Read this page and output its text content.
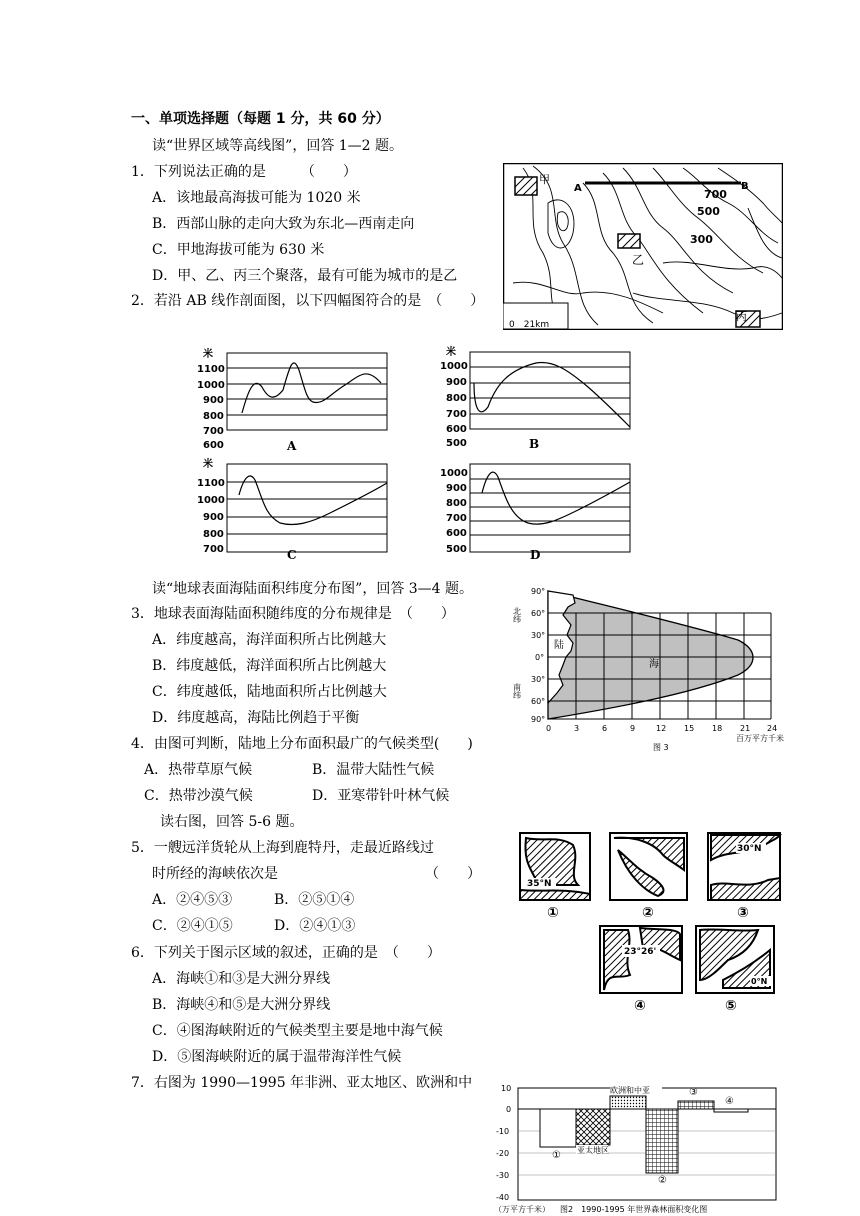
一、单项选择题（每题 1 分，共 60 分）
读“世界区域等高线图”，回答 1—2 题。
1．下列说法正确的是　　　（　　）
A．该地最高海拔可能为 1020 米
B．西部山脉的走向大致为东北—西南走向
C．甲地海拔可能为 630 米
D．甲、乙、丙三个聚落，最有可能为城市的是乙
2．若沿 AB 线作剖面图，以下四幅图符合的是　（　　）
甲
A	B
700
500
300
乙
丙
0　21km
米
1100
1000
900
800
700
600	A
米
1000
900
800
700
600
500	B
米
1100
1000
900
800
700	C
1000
900
800
700
600
500	D
读“地球表面海陆面积纬度分布图”，回答 3—4 题。
3．地球表面海陆面积随纬度的分布规律是　（　　）
A．纬度越高，海洋面积所占比例越大
B．纬度越低，海洋面积所占比例越大
C．纬度越低，陆地面积所占比例越大
D．纬度越高，海陆比例趋于平衡
4．由图可判断，陆地上分布面积最广的气候类型(　　)
A．热带草原气候	B．温带大陆性气候
C．热带沙漠气候	D．亚寒带针叶林气候
北纬
南纬
90°
60°
30°
0°
30°
60°
90°
0	3	6	9	12 15 18 21 24
陆
海
百万平方千米
图 3
读右图，回答 5-6 题。
5．一艘远洋货轮从上海到鹿特丹，走最近路线过
时所经的海峡依次是　　　　　　　　　　　（　　）
A．②④⑤③	B．②⑤①④
C．②④①⑤	D．②④①③
35°N
30°N
23°26'
0°N
①	②	③
④	⑤
6．下列关于图示区域的叙述，正确的是　（　　）
A．海峡①和③是大洲分界线
B．海峡④和⑤是大洲分界线
C．④图海峡附近的气候类型主要是地中海气候
D．⑤图海峡附近的属于温带海洋性气候
7．右图为 1990—1995 年非洲、亚太地区、欧洲和中	欧洲和中亚	③
④
① 亚太地区
②
10
0
-10
-20
-30
-40
（万平方千米） 图2　1990-1995 年世界森林面积变化图
